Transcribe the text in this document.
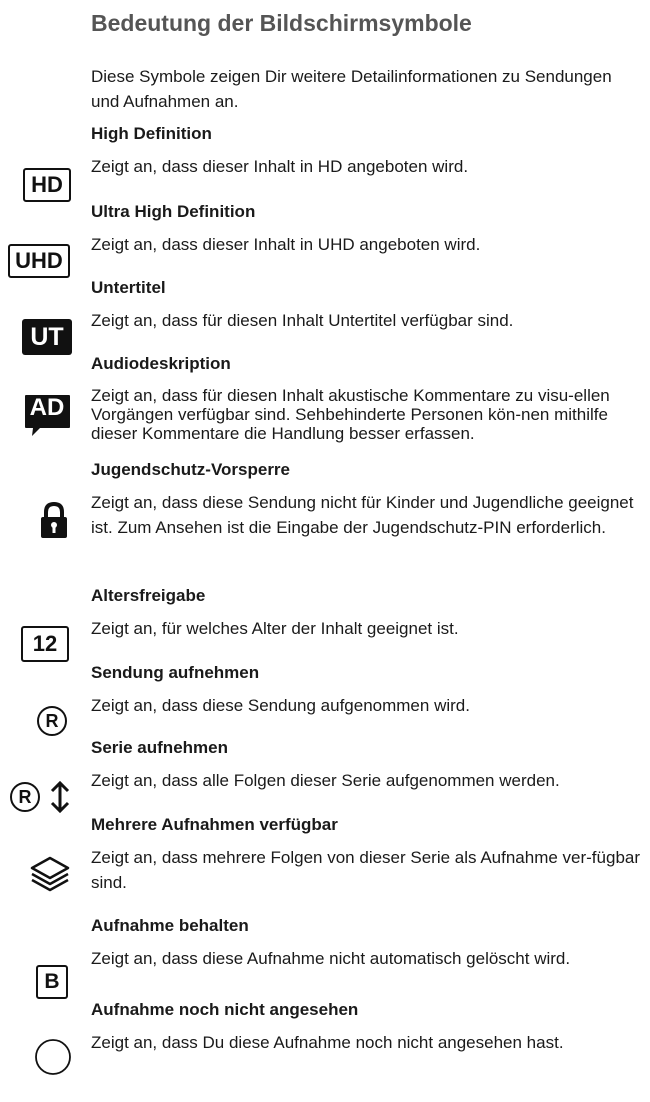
Bedeutung der Bildschirmsymbole
Diese Symbole zeigen Dir weitere Detailinformationen zu Sendungen und Aufnahmen an.
High Definition
Zeigt an, dass dieser Inhalt in HD angeboten wird.
HD
Ultra High Definition
Zeigt an, dass dieser Inhalt in UHD angeboten wird.
UHD
Untertitel
Zeigt an, dass für diesen Inhalt Untertitel verfügbar sind.
UT
Audiodeskription
Zeigt an, dass für diesen Inhalt akustische Kommentare zu visu-ellen Vorgängen verfügbar sind. Sehbehinderte Personen kön-nen mithilfe dieser Kommentare die Handlung besser erfassen.
AD
Jugendschutz-Vorsperre
Zeigt an, dass diese Sendung nicht für Kinder und Jugendliche geeignet ist. Zum Ansehen ist die Eingabe der Jugendschutz-PIN erforderlich.
Altersfreigabe
Zeigt an, für welches Alter der Inhalt geeignet ist.
12
Sendung aufnehmen
Zeigt an, dass diese Sendung aufgenommen wird.
R
Serie aufnehmen
Zeigt an, dass alle Folgen dieser Serie aufgenommen werden.
R
Mehrere Aufnahmen verfügbar
Zeigt an, dass mehrere Folgen von dieser Serie als Aufnahme ver-fügbar sind.
Aufnahme behalten
Zeigt an, dass diese Aufnahme nicht automatisch gelöscht wird.
B
Aufnahme noch nicht angesehen
Zeigt an, dass Du diese Aufnahme noch nicht angesehen hast.
